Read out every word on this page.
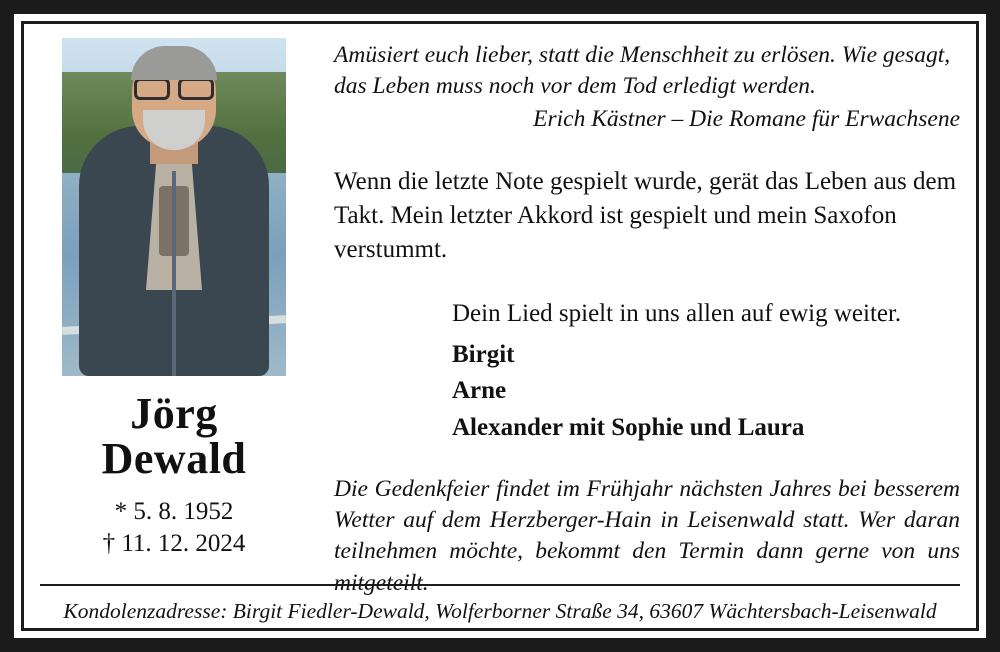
Jörg
Dewald
* 5. 8. 1952
† 11. 12. 2024
Amüsiert euch lieber, statt die Menschheit zu erlösen. Wie gesagt, das Leben muss noch vor dem Tod erledigt werden.
Erich Kästner – Die Romane für Erwachsene
Wenn die letzte Note gespielt wurde, gerät das Leben aus dem Takt. Mein letzter Akkord ist gespielt und mein Saxofon verstummt.
Dein Lied spielt in uns allen auf ewig weiter.
Birgit
Arne
Alexander mit Sophie und Laura
Die Gedenkfeier findet im Frühjahr nächsten Jahres bei besserem Wetter auf dem Herzberger-Hain in Leisenwald statt. Wer daran teilnehmen möchte, bekommt den Termin dann gerne von uns mitgeteilt.
Kondolenzadresse: Birgit Fiedler-Dewald, Wolferborner Straße 34, 63607 Wächtersbach-Leisenwald
